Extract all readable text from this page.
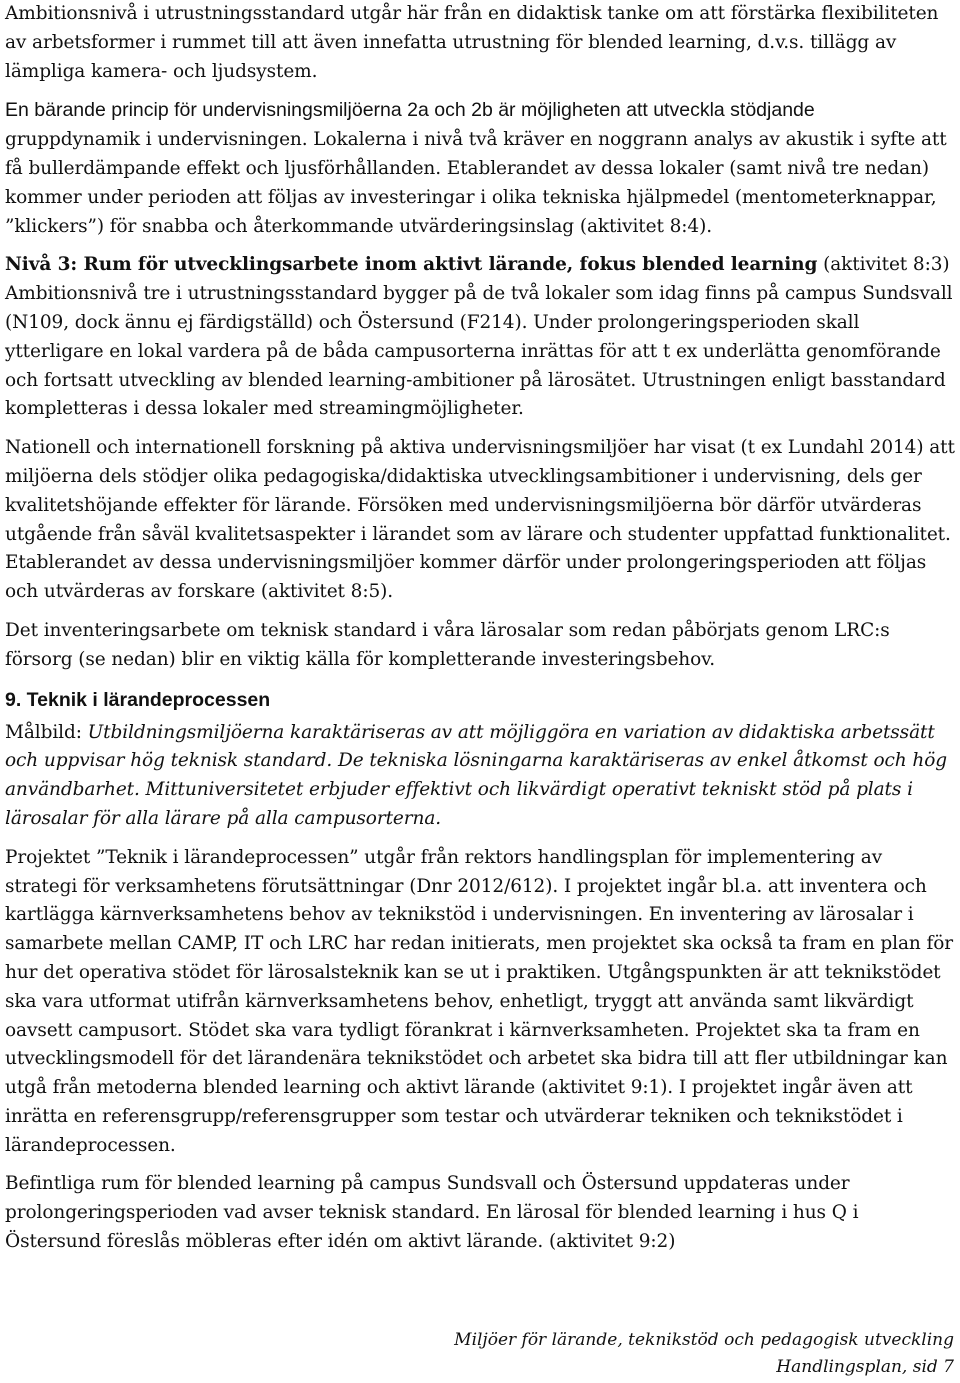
Ambitionsnivå i utrustningsstandard utgår här från en didaktisk tanke om att förstärka flexibiliteten av arbetsformer i rummet till att även innefatta utrustning för blended learning, d.v.s. tillägg av lämpliga kamera- och ljudsystem.

En bärande princip för undervisningsmiljöerna 2a och 2b är möjligheten att utveckla stödjande gruppdynamik i undervisningen. Lokalerna i nivå två kräver en noggrann analys av akustik i syfte att få bullerdämpande effekt och ljusförhållanden. Etablerandet av dessa lokaler (samt nivå tre nedan) kommer under perioden att följas av investeringar i olika tekniska hjälpmedel (mentometerknappar, ”klickers”) för snabba och återkommande utvärderingsinslag (aktivitet 8:4).

Nivå 3: Rum för utvecklingsarbete inom aktivt lärande, fokus blended learning (aktivitet 8:3) Ambitionsnivå tre i utrustningsstandard bygger på de två lokaler som idag finns på campus Sundsvall (N109, dock ännu ej färdigställd) och Östersund (F214). Under prolongeringsperioden skall ytterligare en lokal vardera på de båda campusorterna inrättas för att t ex underlätta genomförande och fortsatt utveckling av blended learning-ambitioner på lärosätet. Utrustningen enligt basstandard kompletteras i dessa lokaler med streamingmöjligheter.

Nationell och internationell forskning på aktiva undervisningsmiljöer har visat (t ex Lundahl 2014) att miljöerna dels stödjer olika pedagogiska/didaktiska utvecklingsambitioner i undervisning, dels ger kvalitetshöjande effekter för lärande. Försöken med undervisningsmiljöerna bör därför utvärderas utgående från såväl kvalitetsaspekter i lärandet som av lärare och studenter uppfattad funktionalitet. Etablerandet av dessa undervisningsmiljöer kommer därför under prolongeringsperioden att följas och utvärderas av forskare (aktivitet 8:5).

Det inventeringsarbete om teknisk standard i våra lärosalar som redan påbörjats genom LRC:s försorg (se nedan) blir en viktig källa för kompletterande investeringsbehov.

9. Teknik i lärandeprocessen

Målbild: Utbildningsmiljöerna karaktäriseras av att möjliggöra en variation av didaktiska arbetssätt och uppvisar hög teknisk standard. De tekniska lösningarna karaktäriseras av enkel åtkomst och hög användbarhet. Mittuniversitetet erbjuder effektivt och likvärdigt operativt tekniskt stöd på plats i lärosalar för alla lärare på alla campusorterna.

Projektet ”Teknik i lärandeprocessen” utgår från rektors handlingsplan för implementering av strategi för verksamhetens förutsättningar (Dnr 2012/612). I projektet ingår bl.a. att inventera och kartlägga kärnverksamhetens behov av teknikstöd i undervisningen. En inventering av lärosalar i samarbete mellan CAMP, IT och LRC har redan initierats, men projektet ska också ta fram en plan för hur det operativa stödet för lärosalsteknik kan se ut i praktiken. Utgångspunkten är att teknikstödet ska vara utformat utifrån kärnverksamhetens behov, enhetligt, tryggt att använda samt likvärdigt oavsett campusort. Stödet ska vara tydligt förankrat i kärnverksamheten. Projektet ska ta fram en utvecklingsmodell för det lärandenära teknikstödet och arbetet ska bidra till att fler utbildningar kan utgå från metoderna blended learning och aktivt lärande (aktivitet 9:1). I projektet ingår även att inrätta en referensgrupp/referensgrupper som testar och utvärderar tekniken och teknikstödet i lärandeprocessen.

Befintliga rum för blended learning på campus Sundsvall och Östersund uppdateras under prolongeringsperioden vad avser teknisk standard. En lärosal för blended learning i hus Q i Östersund föreslås möbleras efter idén om aktivt lärande. (aktivitet 9:2)

Miljöer för lärande, teknikstöd och pedagogisk utveckling
Handlingsplan, sid 7
